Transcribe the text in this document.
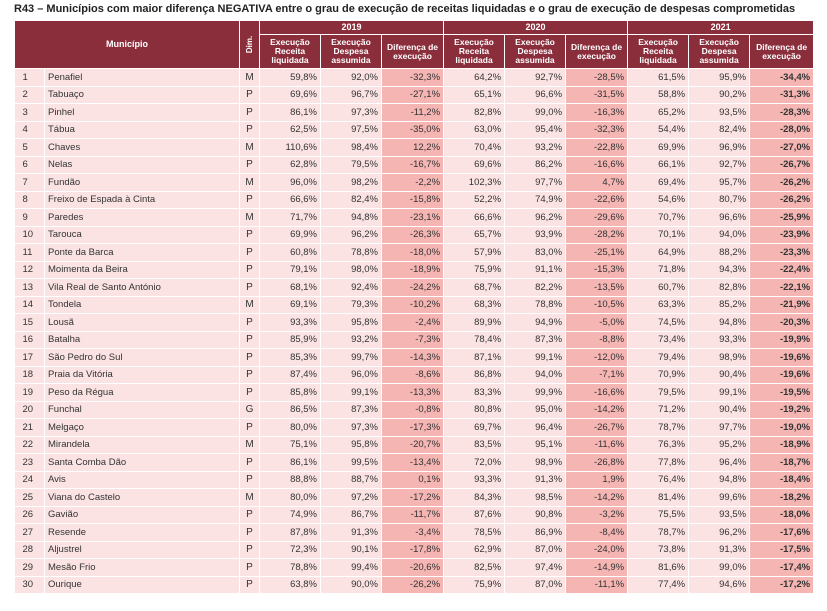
R43 – Municípios com maior diferença NEGATIVA entre o grau de execução de receitas liquidadas e o grau de execução de despesas comprometidas
Município		Dim.	2019			2020			2021		
			Execução Receita liquidada	Execução Despesa assumida	Diferença de execução	Execução Receita liquidada	Execução Despesa assumida	Diferença de execução	Execução Receita liquidada	Execução Despesa assumida	Diferença de execução
1	Penafiel	M	59,8%	92,0%	-32,3%	64,2%	92,7%	-28,5%	61,5%	95,9%	-34,4%
2	Tabuaço	P	69,6%	96,7%	-27,1%	65,1%	96,6%	-31,5%	58,8%	90,2%	-31,3%
3	Pinhel	P	86,1%	97,3%	-11,2%	82,8%	99,0%	-16,3%	65,2%	93,5%	-28,3%
4	Tábua	P	62,5%	97,5%	-35,0%	63,0%	95,4%	-32,3%	54,4%	82,4%	-28,0%
5	Chaves	M	110,6%	98,4%	12,2%	70,4%	93,2%	-22,8%	69,9%	96,9%	-27,0%
6	Nelas	P	62,8%	79,5%	-16,7%	69,6%	86,2%	-16,6%	66,1%	92,7%	-26,7%
7	Fundão	M	96,0%	98,2%	-2,2%	102,3%	97,7%	4,7%	69,4%	95,7%	-26,2%
8	Freixo de Espada à Cinta	P	66,6%	82,4%	-15,8%	52,2%	74,9%	-22,6%	54,6%	80,7%	-26,2%
9	Paredes	M	71,7%	94,8%	-23,1%	66,6%	96,2%	-29,6%	70,7%	96,6%	-25,9%
10	Tarouca	P	69,9%	96,2%	-26,3%	65,7%	93,9%	-28,2%	70,1%	94,0%	-23,9%
11	Ponte da Barca	P	60,8%	78,8%	-18,0%	57,9%	83,0%	-25,1%	64,9%	88,2%	-23,3%
12	Moimenta da Beira	P	79,1%	98,0%	-18,9%	75,9%	91,1%	-15,3%	71,8%	94,3%	-22,4%
13	Vila Real de Santo António	P	68,1%	92,4%	-24,2%	68,7%	82,2%	-13,5%	60,7%	82,8%	-22,1%
14	Tondela	M	69,1%	79,3%	-10,2%	68,3%	78,8%	-10,5%	63,3%	85,2%	-21,9%
15	Lousã	P	93,3%	95,8%	-2,4%	89,9%	94,9%	-5,0%	74,5%	94,8%	-20,3%
16	Batalha	P	85,9%	93,2%	-7,3%	78,4%	87,3%	-8,8%	73,4%	93,3%	-19,9%
17	São Pedro do Sul	P	85,3%	99,7%	-14,3%	87,1%	99,1%	-12,0%	79,4%	98,9%	-19,6%
18	Praia da Vitória	P	87,4%	96,0%	-8,6%	86,8%	94,0%	-7,1%	70,9%	90,4%	-19,6%
19	Peso da Régua	P	85,8%	99,1%	-13,3%	83,3%	99,9%	-16,6%	79,5%	99,1%	-19,5%
20	Funchal	G	86,5%	87,3%	-0,8%	80,8%	95,0%	-14,2%	71,2%	90,4%	-19,2%
21	Melgaço	P	80,0%	97,3%	-17,3%	69,7%	96,4%	-26,7%	78,7%	97,7%	-19,0%
22	Mirandela	M	75,1%	95,8%	-20,7%	83,5%	95,1%	-11,6%	76,3%	95,2%	-18,9%
23	Santa Comba Dão	P	86,1%	99,5%	-13,4%	72,0%	98,9%	-26,8%	77,8%	96,4%	-18,7%
24	Avis	P	88,8%	88,7%	0,1%	93,3%	91,3%	1,9%	76,4%	94,8%	-18,4%
25	Viana do Castelo	M	80,0%	97,2%	-17,2%	84,3%	98,5%	-14,2%	81,4%	99,6%	-18,2%
26	Gavião	P	74,9%	86,7%	-11,7%	87,6%	90,8%	-3,2%	75,5%	93,5%	-18,0%
27	Resende	P	87,8%	91,3%	-3,4%	78,5%	86,9%	-8,4%	78,7%	96,2%	-17,6%
28	Aljustrel	P	72,3%	90,1%	-17,8%	62,9%	87,0%	-24,0%	73,8%	91,3%	-17,5%
29	Mesão Frio	P	78,8%	99,4%	-20,6%	82,5%	97,4%	-14,9%	81,6%	99,0%	-17,4%
30	Ourique	P	63,8%	90,0%	-26,2%	75,9%	87,0%	-11,1%	77,4%	94,6%	-17,2%
